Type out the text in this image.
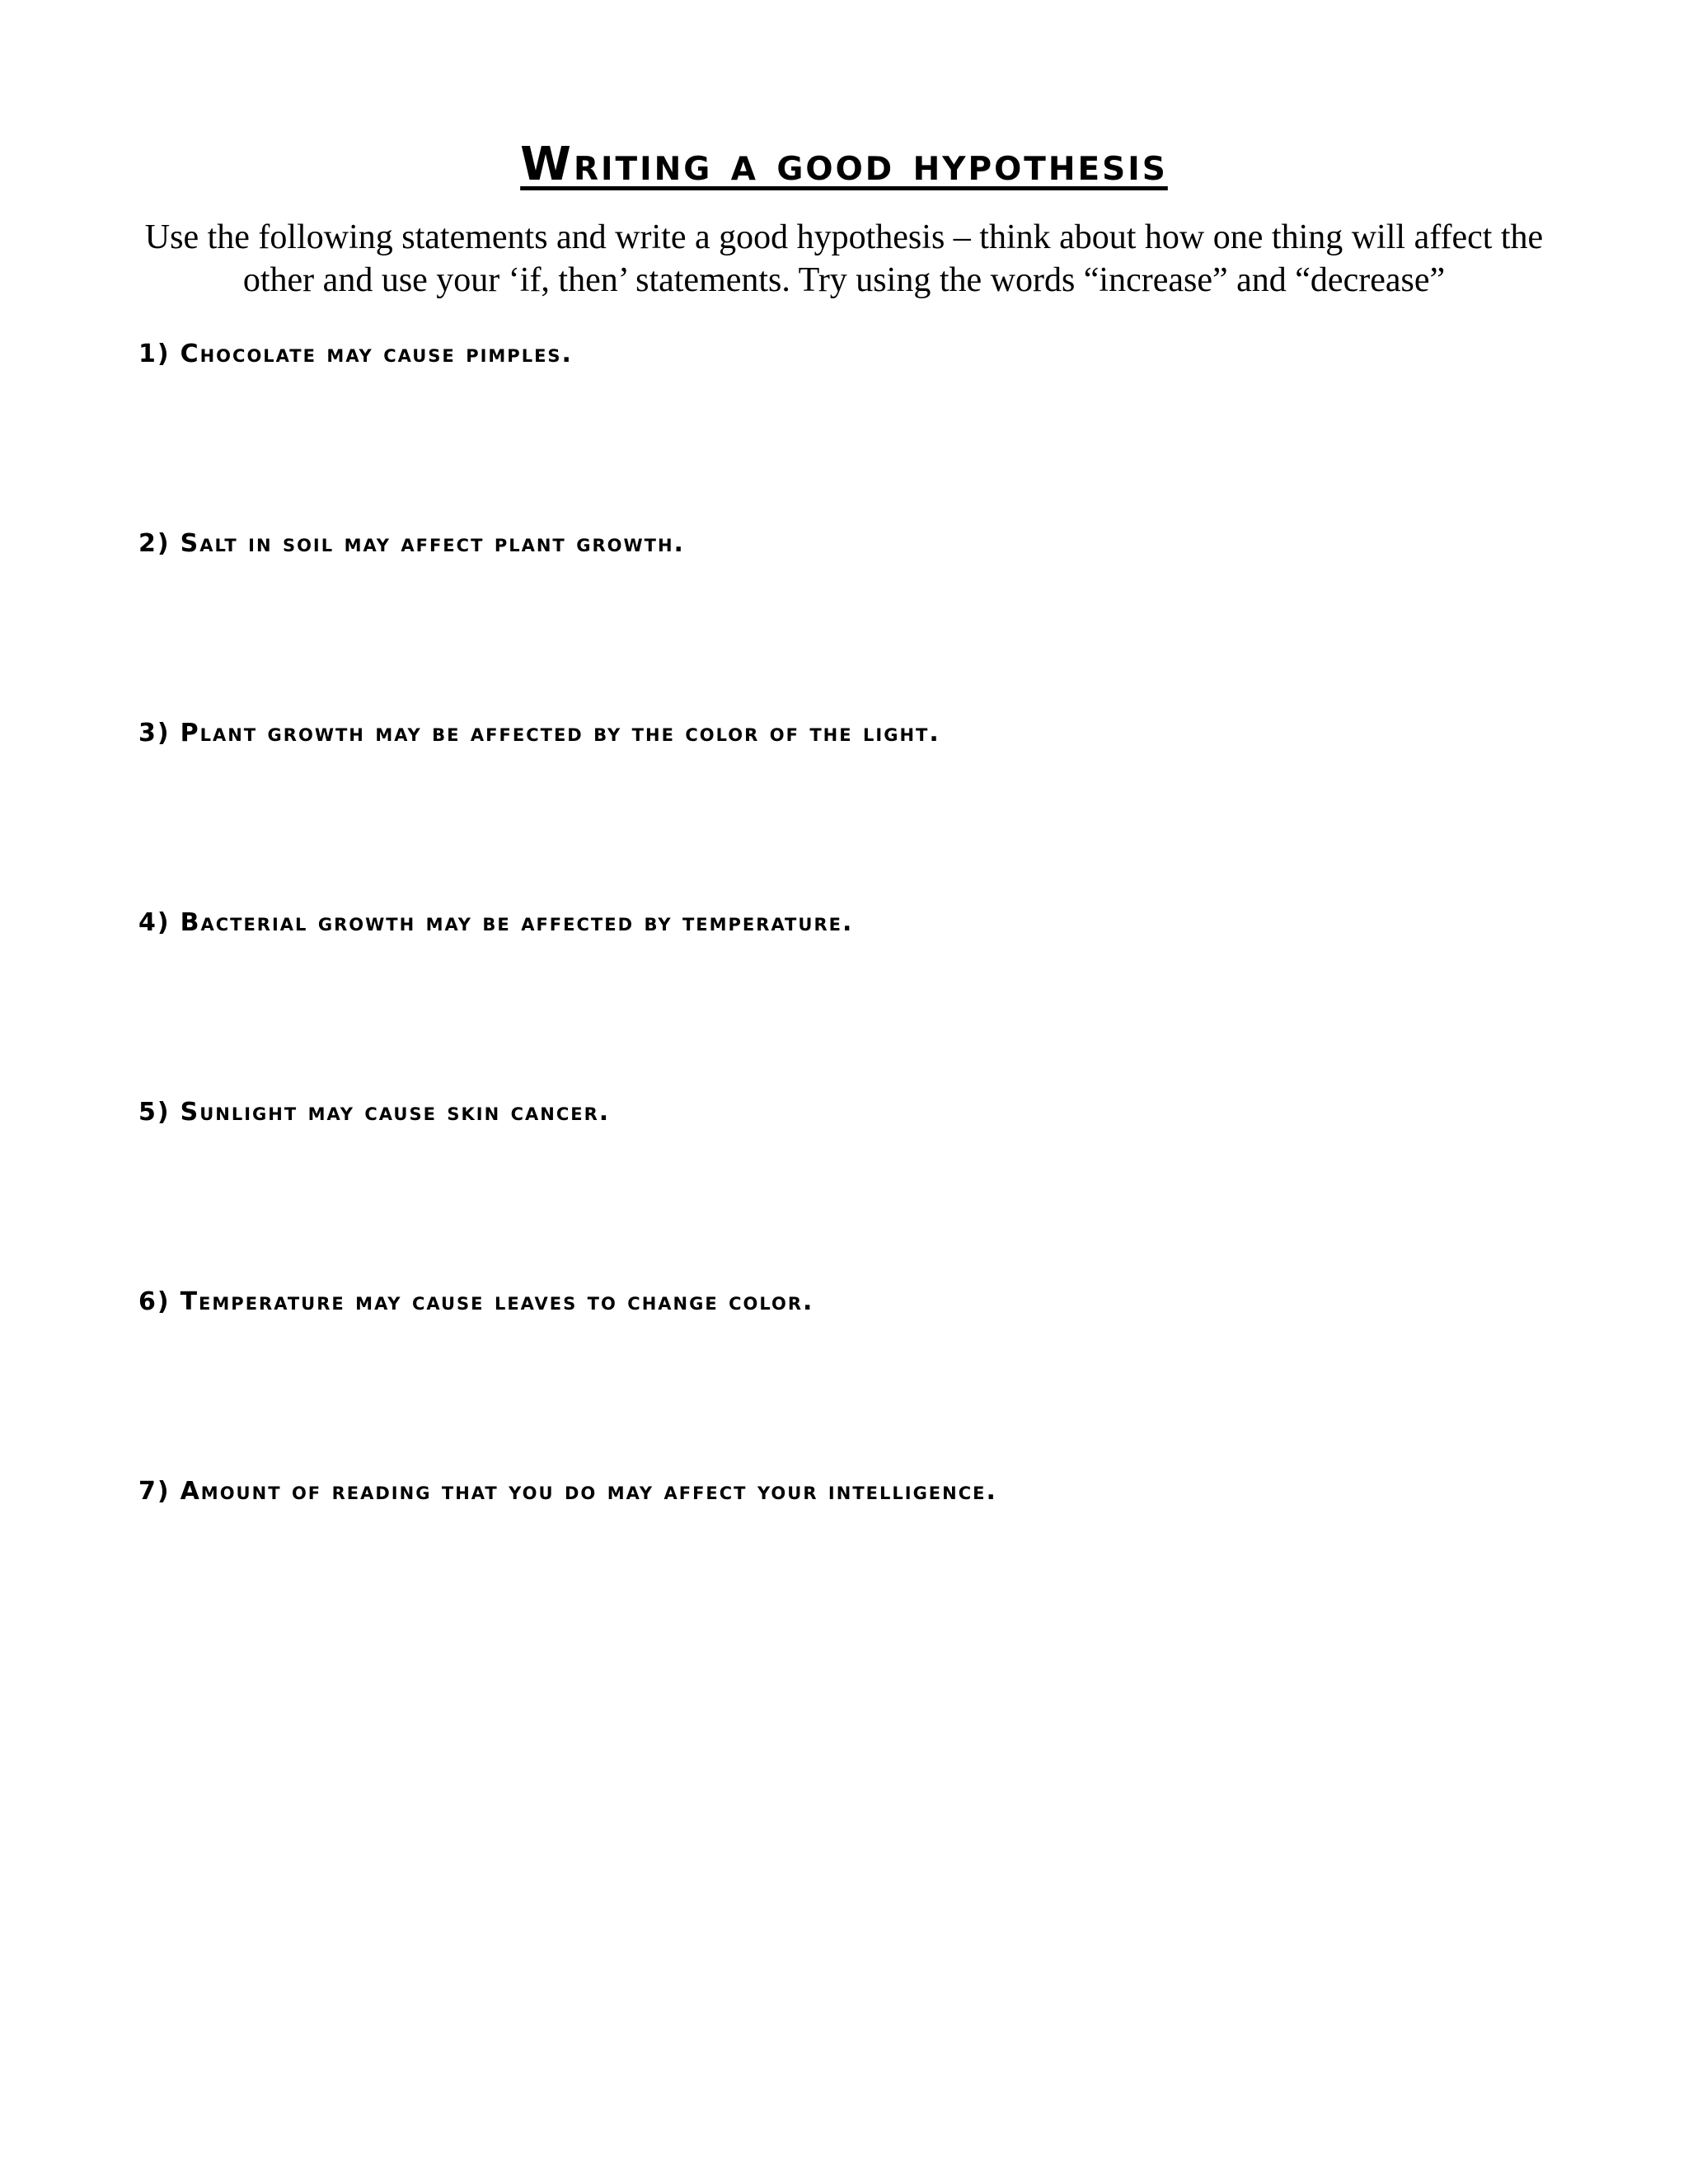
Writing a good hypothesis
Use the following statements and write a good hypothesis – think about how one thing will affect the other and use your ‘if, then’ statements. Try using the words “increase” and “decrease”
1) Chocolate may cause pimples.
2) Salt in soil may affect plant growth.
3) Plant growth may be affected by the color of the light.
4) Bacterial growth may be affected by temperature.
5) Sunlight may cause skin cancer.
6) Temperature may cause leaves to change color.
7) Amount of reading that you do may affect your intelligence.
